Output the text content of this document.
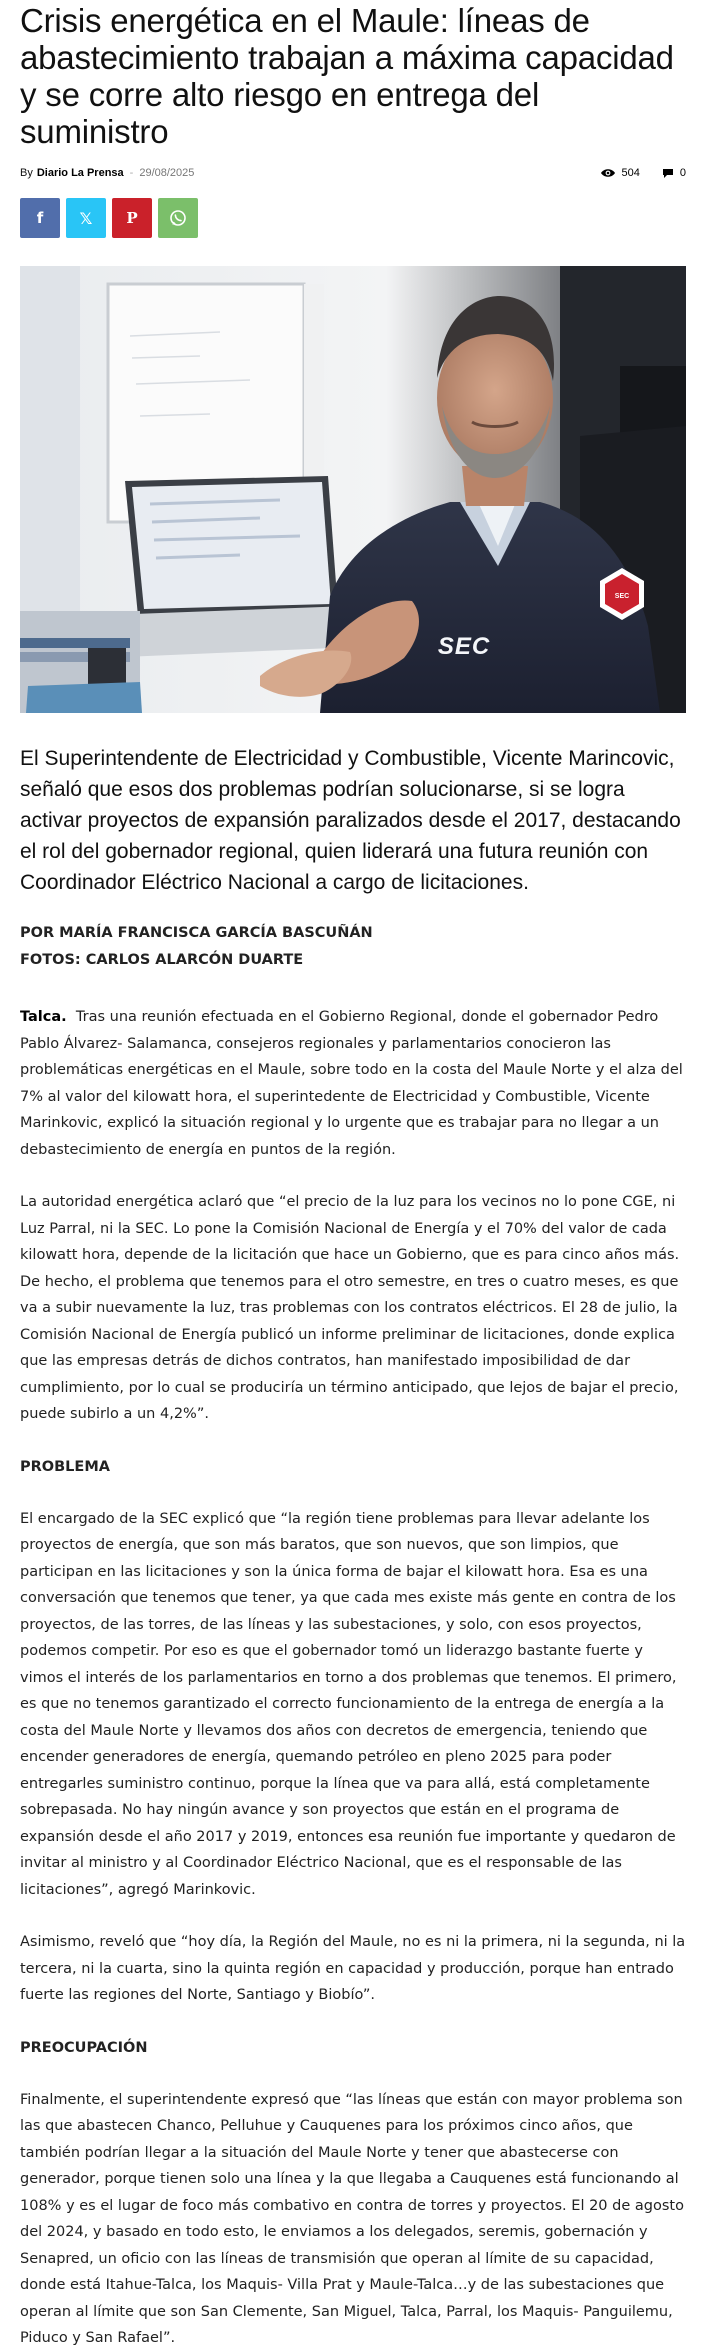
Crisis energética en el Maule: líneas de abastecimiento trabajan a máxima capacidad y se corre alto riesgo en entrega del suministro
By Diario La Prensa - 29/08/2025	504	0
f 𝕏 P
SEC
SEC

El Superintendente de Electricidad y Combustible, Vicente Marincovic, señaló que esos dos problemas podrían solucionarse, si se logra activar proyectos de expansión paralizados desde el 2017, destacando el rol del gobernador regional, quien liderará una futura reunión con Coordinador Eléctrico Nacional a cargo de licitaciones.

POR MARÍA FRANCISCA GARCÍA BASCUÑÁN
FOTOS: CARLOS ALARCÓN DUARTE

Talca. Tras una reunión efectuada en el Gobierno Regional, donde el gobernador Pedro Pablo Álvarez- Salamanca, consejeros regionales y parlamentarios conocieron las problemáticas energéticas en el Maule, sobre todo en la costa del Maule Norte y el alza del 7% al valor del kilowatt hora, el superintedente de Electricidad y Combustible, Vicente Marinkovic, explicó la situación regional y lo urgente que es trabajar para no llegar a un debastecimiento de energía en puntos de la región.

La autoridad energética aclaró que “el precio de la luz para los vecinos no lo pone CGE, ni Luz Parral, ni la SEC. Lo pone la Comisión Nacional de Energía y el 70% del valor de cada kilowatt hora, depende de la licitación que hace un Gobierno, que es para cinco años más. De hecho, el problema que tenemos para el otro semestre, en tres o cuatro meses, es que va a subir nuevamente la luz, tras problemas con los contratos eléctricos. El 28 de julio, la Comisión Nacional de Energía publicó un informe preliminar de licitaciones, donde explica que las empresas detrás de dichos contratos, han manifestado imposibilidad de dar cumplimiento, por lo cual se produciría un término anticipado, que lejos de bajar el precio, puede subirlo a un 4,2%”.

PROBLEMA

El encargado de la SEC explicó que “la región tiene problemas para llevar adelante los proyectos de energía, que son más baratos, que son nuevos, que son limpios, que participan en las licitaciones y son la única forma de bajar el kilowatt hora. Esa es una conversación que tenemos que tener, ya que cada mes existe más gente en contra de los proyectos, de las torres, de las líneas y las subestaciones, y solo, con esos proyectos, podemos competir. Por eso es que el gobernador tomó un liderazgo bastante fuerte y vimos el interés de los parlamentarios en torno a dos problemas que tenemos. El primero, es que no tenemos garantizado el correcto funcionamiento de la entrega de energía a la costa del Maule Norte y llevamos dos años con decretos de emergencia, teniendo que encender generadores de energía, quemando petróleo en pleno 2025 para poder entregarles suministro continuo, porque la línea que va para allá, está completamente sobrepasada. No hay ningún avance y son proyectos que están en el programa de expansión desde el año 2017 y 2019, entonces esa reunión fue importante y quedaron de invitar al ministro y al Coordinador Eléctrico Nacional, que es el responsable de las licitaciones”, agregó Marinkovic.

Asimismo, reveló que “hoy día, la Región del Maule, no es ni la primera, ni la segunda, ni la tercera, ni la cuarta, sino la quinta región en capacidad y producción, porque han entrado fuerte las regiones del Norte, Santiago y Biobío”.

PREOCUPACIÓN

Finalmente, el superintendente expresó que “las líneas que están con mayor problema son las que abastecen Chanco, Pelluhue y Cauquenes para los próximos cinco años, que también podrían llegar a la situación del Maule Norte y tener que abastecerse con generador, porque tienen solo una línea y la que llegaba a Cauquenes está funcionando al 108% y es el lugar de foco más combativo en contra de torres y proyectos. El 20 de agosto del 2024, y basado en todo esto, le enviamos a los delegados, seremis, gobernación y Senapred, un oficio con las líneas de transmisión que operan al límite de su capacidad, donde está Itahue-Talca, los Maquis- Villa Prat y Maule-Talca…y de las subestaciones que operan al límite que son San Clemente, San Miguel, Talca, Parral, los Maquis- Panguilemu, Piduco y San Rafael”.
